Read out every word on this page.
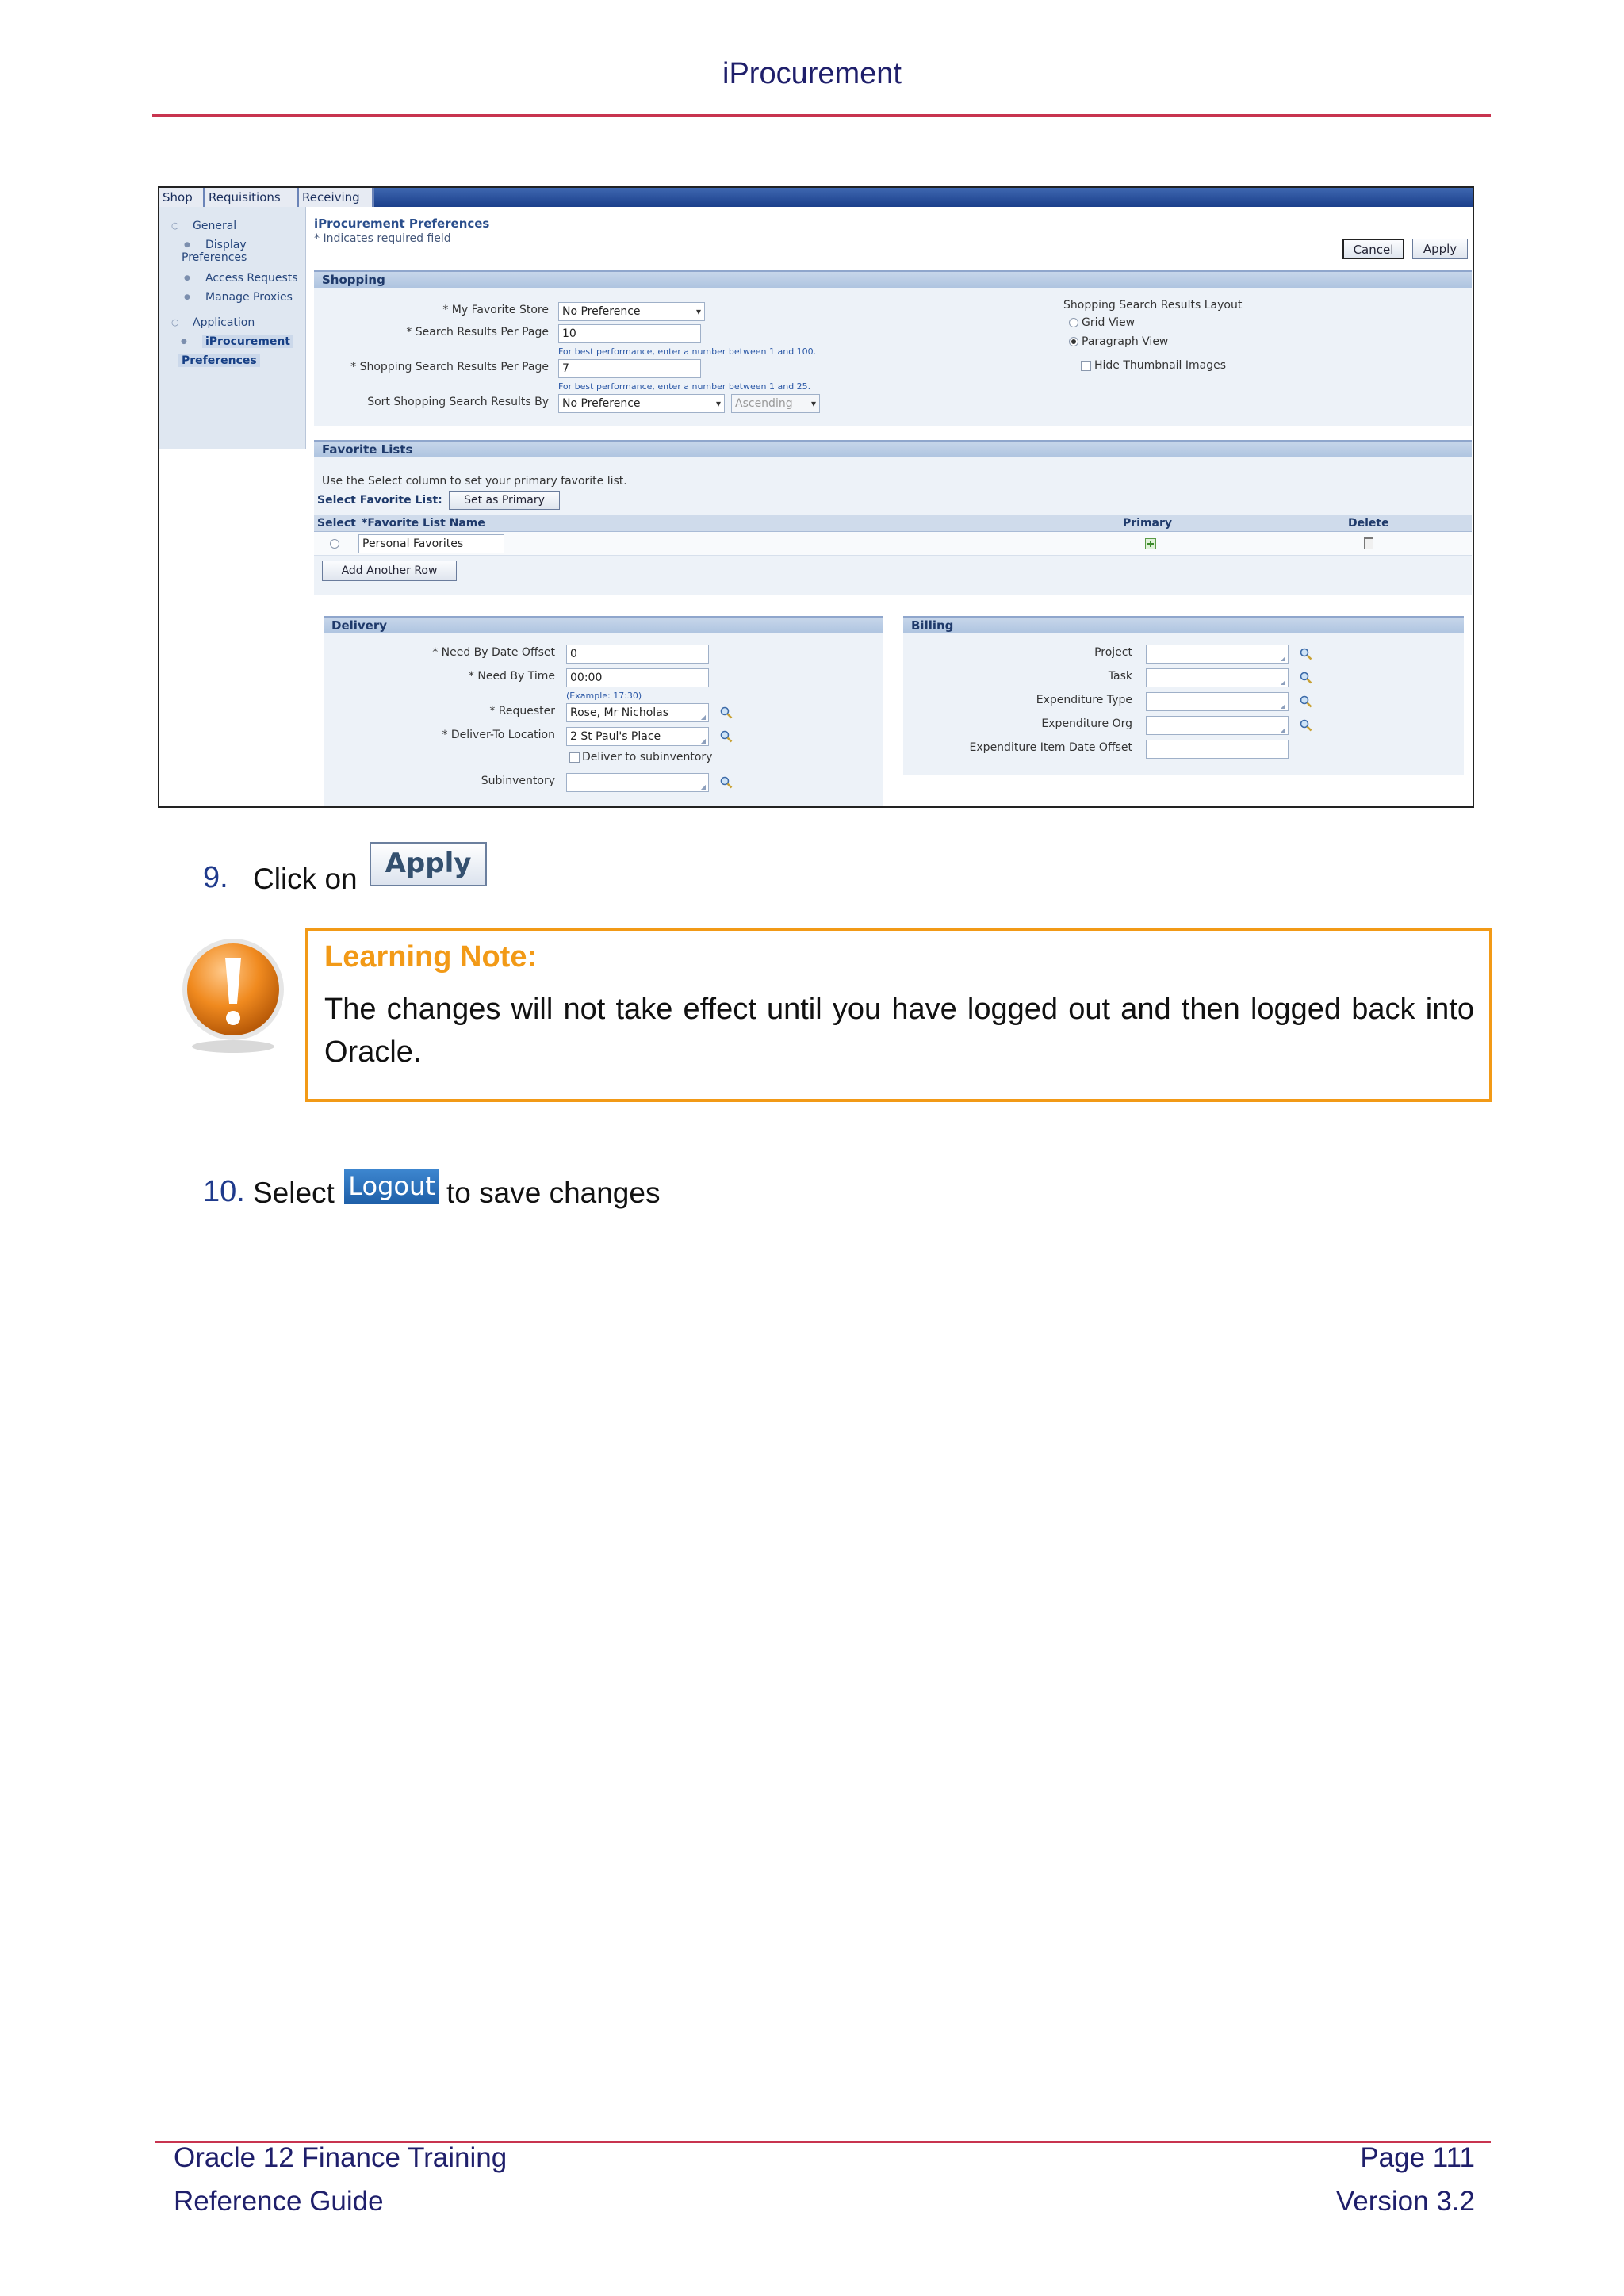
iProcurement
Shop	Requisitions	Receiving
○ General
● Display
Preferences
● Access Requests
● Manage Proxies
○ Application
● iProcurement
Preferences
iProcurement Preferences
* Indicates required field
Cancel	Apply
Shopping
* My Favorite Store	No Preference ▾
* Search Results Per Page	10
For best performance, enter a number between 1 and 100.
* Shopping Search Results Per Page	7
For best performance, enter a number between 1 and 25.
Sort Shopping Search Results By	No Preference ▾	Ascending ▾
Shopping Search Results Layout
Grid View
Paragraph View
Hide Thumbnail Images
Favorite Lists
Use the Select column to set your primary favorite list.
Select Favorite List:	Set as Primary
Select *Favorite List Name	Primary	Delete
Personal Favorites
Add Another Row
Delivery
* Need By Date Offset	0
* Need By Time	00:00
(Example: 17:30)
* Requester	Rose, Mr Nicholas ◢
* Deliver-To Location	2 St Paul's Place ◢
Deliver to subinventory
Subinventory
◢
Billing
Project
◢
Task
◢
Expenditure Type
◢
Expenditure Org
◢
Expenditure Item Date Offset
9. Click on	Apply
Learning Note:
The changes will not take effect until you have logged out and then logged back into Oracle.
10. Select Logout to save changes
Oracle 12 Finance Training
Reference Guide
Page 111
Version 3.2
